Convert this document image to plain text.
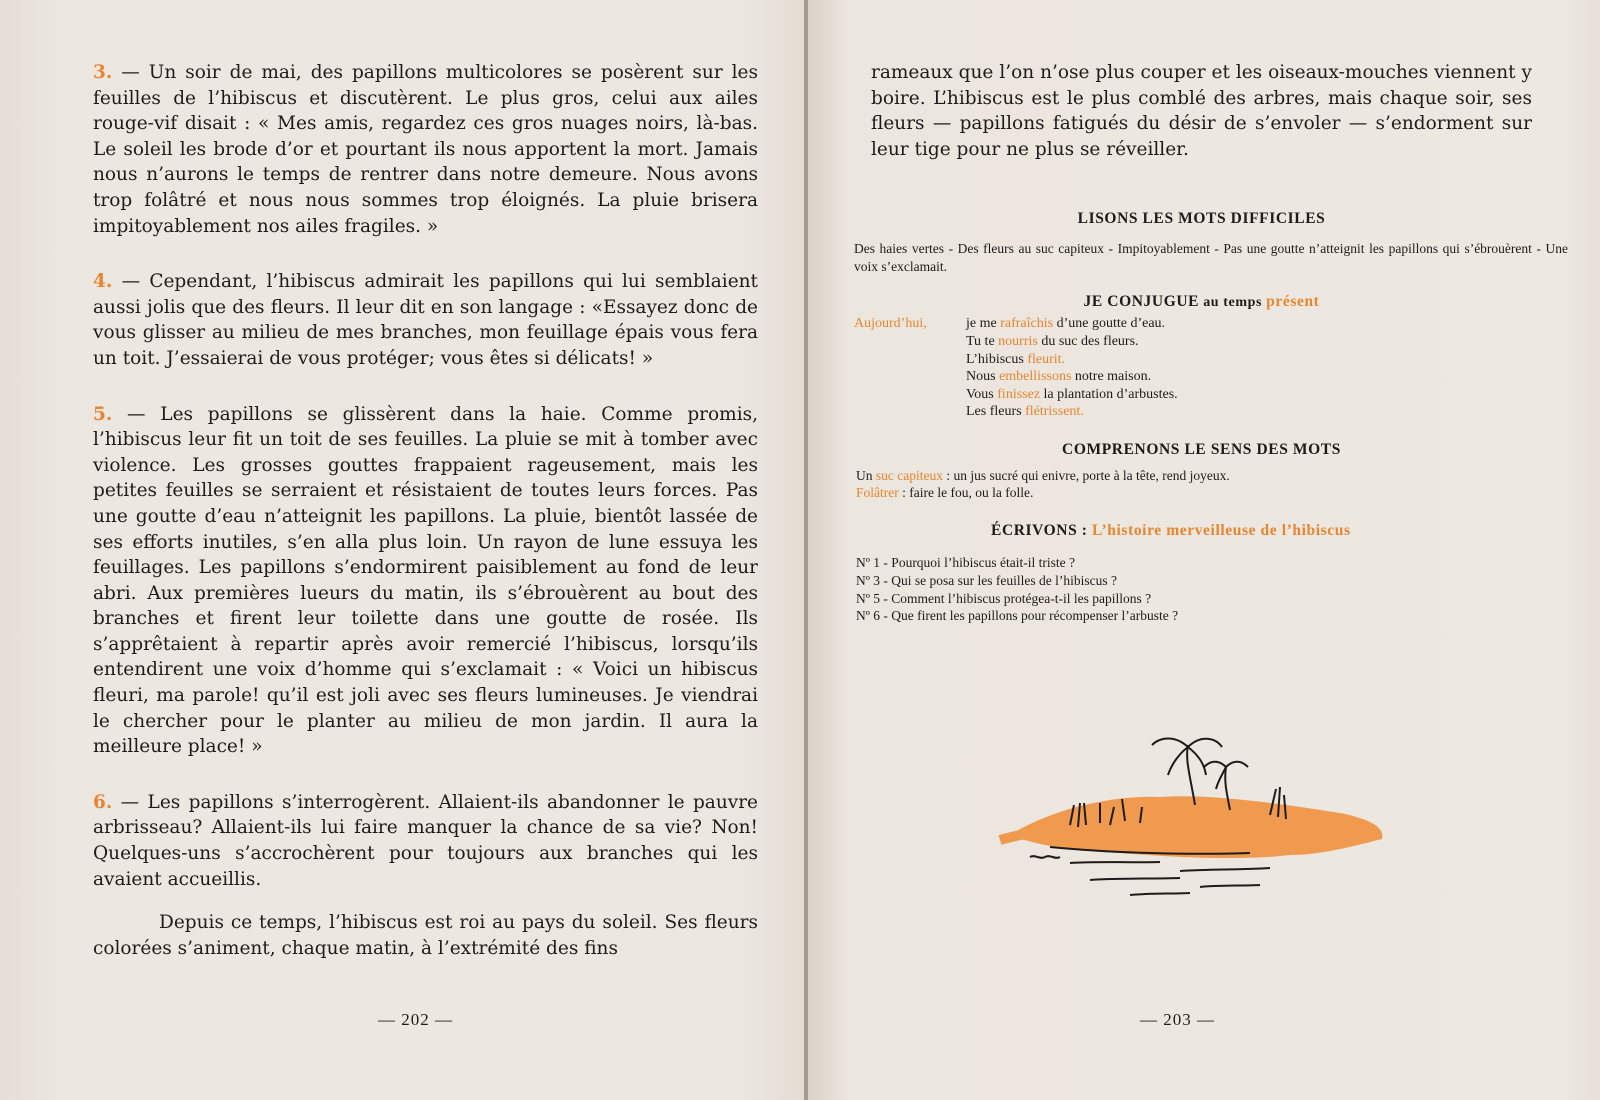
3. — Un soir de mai, des papillons multicolores se posèrent sur les feuilles de l’hibiscus et discutèrent. Le plus gros, celui aux ailes rouge-vif disait : « Mes amis, regardez ces gros nuages noirs, là-bas. Le soleil les brode d’or et pourtant ils nous apportent la mort. Jamais nous n’aurons le temps de rentrer dans notre demeure. Nous avons trop folâtré et nous nous sommes trop éloignés. La pluie brisera impitoyablement nos ailes fragiles. »

4. — Cependant, l’hibiscus admirait les papillons qui lui semblaient aussi jolis que des fleurs. Il leur dit en son langage : «Essayez donc de vous glisser au milieu de mes branches, mon feuillage épais vous fera un toit. J’essaierai de vous protéger; vous êtes si délicats! »

5. — Les papillons se glissèrent dans la haie. Comme promis, l’hibiscus leur fit un toit de ses feuilles. La pluie se mit à tomber avec violence. Les grosses gouttes frappaient rageusement, mais les petites feuilles se serraient et résistaient de toutes leurs forces. Pas une goutte d’eau n’atteignit les papillons. La pluie, bientôt lassée de ses efforts inutiles, s’en alla plus loin. Un rayon de lune essuya les feuillages. Les papillons s’endormirent paisiblement au fond de leur abri. Aux premières lueurs du matin, ils s’ébrouèrent au bout des branches et firent leur toilette dans une goutte de rosée. Ils s’apprêtaient à repartir après avoir remercié l’hibiscus, lorsqu’ils entendirent une voix d’homme qui s’exclamait : « Voici un hibiscus fleuri, ma parole! qu’il est joli avec ses fleurs lumineuses. Je viendrai le chercher pour le planter au milieu de mon jardin. Il aura la meilleure place! »

6. — Les papillons s’interrogèrent. Allaient-ils abandonner le pauvre arbrisseau? Allaient-ils lui faire manquer la chance de sa vie? Non! Quelques-uns s’accrochèrent pour toujours aux branches qui les avaient accueillis.

Depuis ce temps, l’hibiscus est roi au pays du soleil. Ses fleurs colorées s’animent, chaque matin, à l’extrémité des fins

— 202 —

rameaux que l’on n’ose plus couper et les oiseaux-mouches viennent y boire. L’hibiscus est le plus comblé des arbres, mais chaque soir, ses fleurs — papillons fatigués du désir de s’envoler — s’endorment sur leur tige pour ne plus se réveiller.

LISONS LES MOTS DIFFICILES
Des haies vertes - Des fleurs au suc capiteux - Impitoyablement - Pas une goutte n’atteignit les papillons qui s’ébrouèrent - Une voix s’exclamait.
JE CONJUGUE au temps présent
Aujourd’hui,	je me rafraîchis d’une goutte d’eau.
Tu te nourris du suc des fleurs.
L’hibiscus fleurit.
Nous embellissons notre maison.
Vous finissez la plantation d’arbustes.
Les fleurs flétrissent.
COMPRENONS LE SENS DES MOTS
Un suc capiteux : un jus sucré qui enivre, porte à la tête, rend joyeux.
Folâtrer : faire le fou, ou la folle.
ÉCRIVONS : L’histoire merveilleuse de l’hibiscus
Nº 1 - Pourquoi l’hibiscus était-il triste ?
Nº 3 - Qui se posa sur les feuilles de l’hibiscus ?
Nº 5 - Comment l’hibiscus protégea-t-il les papillons ?
Nº 6 - Que firent les papillons pour récompenser l’arbuste ?
— 203 —
